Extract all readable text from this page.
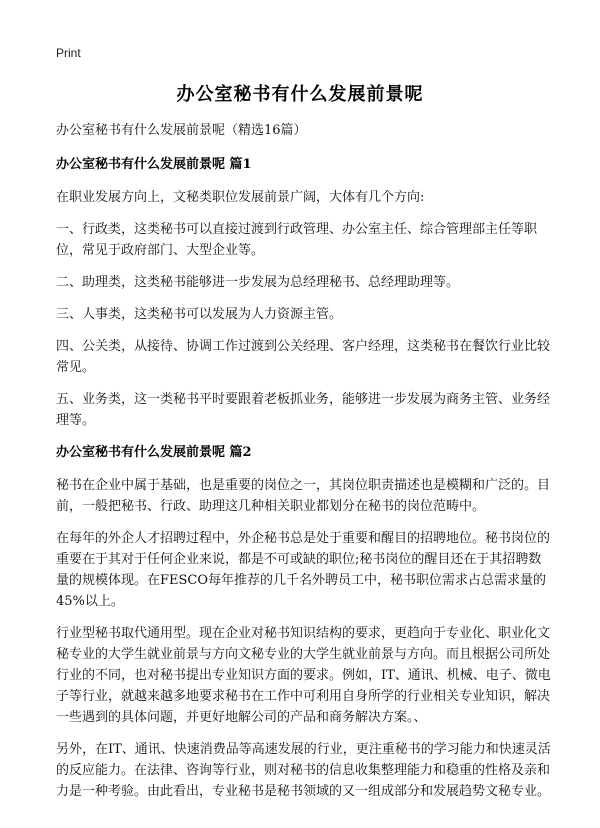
Print
办公室秘书有什么发展前景呢

办公室秘书有什么发展前景呢（精选16篇）

办公室秘书有什么发展前景呢 篇1

在职业发展方向上，文秘类职位发展前景广阔，大体有几个方向:

一、行政类，这类秘书可以直接过渡到行政管理、办公室主任、综合管理部主任等职位，常见于政府部门、大型企业等。

二、助理类，这类秘书能够进一步发展为总经理秘书、总经理助理等。

三、人事类，这类秘书可以发展为人力资源主管。

四、公关类，从接待、协调工作过渡到公关经理、客户经理，这类秘书在餐饮行业比较常见。

五、业务类，这一类秘书平时要跟着老板抓业务，能够进一步发展为商务主管、业务经理等。

办公室秘书有什么发展前景呢 篇2

秘书在企业中属于基础，也是重要的岗位之一，其岗位职责描述也是模糊和广泛的。目前，一般把秘书、行政、助理这几种相关职业都划分在秘书的岗位范畴中。

在每年的外企人才招聘过程中，外企秘书总是处于重要和醒目的招聘地位。秘书岗位的重要在于其对于任何企业来说，都是不可或缺的职位;秘书岗位的醒目还在于其招聘数量的规模体现。在FESCO每年推荐的几千名外聘员工中，秘书职位需求占总需求量的45%以上。

行业型秘书取代通用型。现在企业对秘书知识结构的要求，更趋向于专业化、职业化文秘专业的大学生就业前景与方向文秘专业的大学生就业前景与方向。而且根据公司所处行业的不同，也对秘书提出专业知识方面的要求。例如，IT、通讯、机械、电子、微电子等行业，就越来越多地要求秘书在工作中可利用自身所学的行业相关专业知识，解决一些遇到的具体问题，并更好地解公司的产品和商务解决方案。、

另外，在IT、通讯、快速消费品等高速发展的行业，更注重秘书的学习能力和快速灵活的反应能力。在法律、咨询等行业，则对秘书的信息收集整理能力和稳重的性格及亲和力是一种考验。由此看出，专业秘书是秘书领域的又一组成部分和发展趋势文秘专业。
